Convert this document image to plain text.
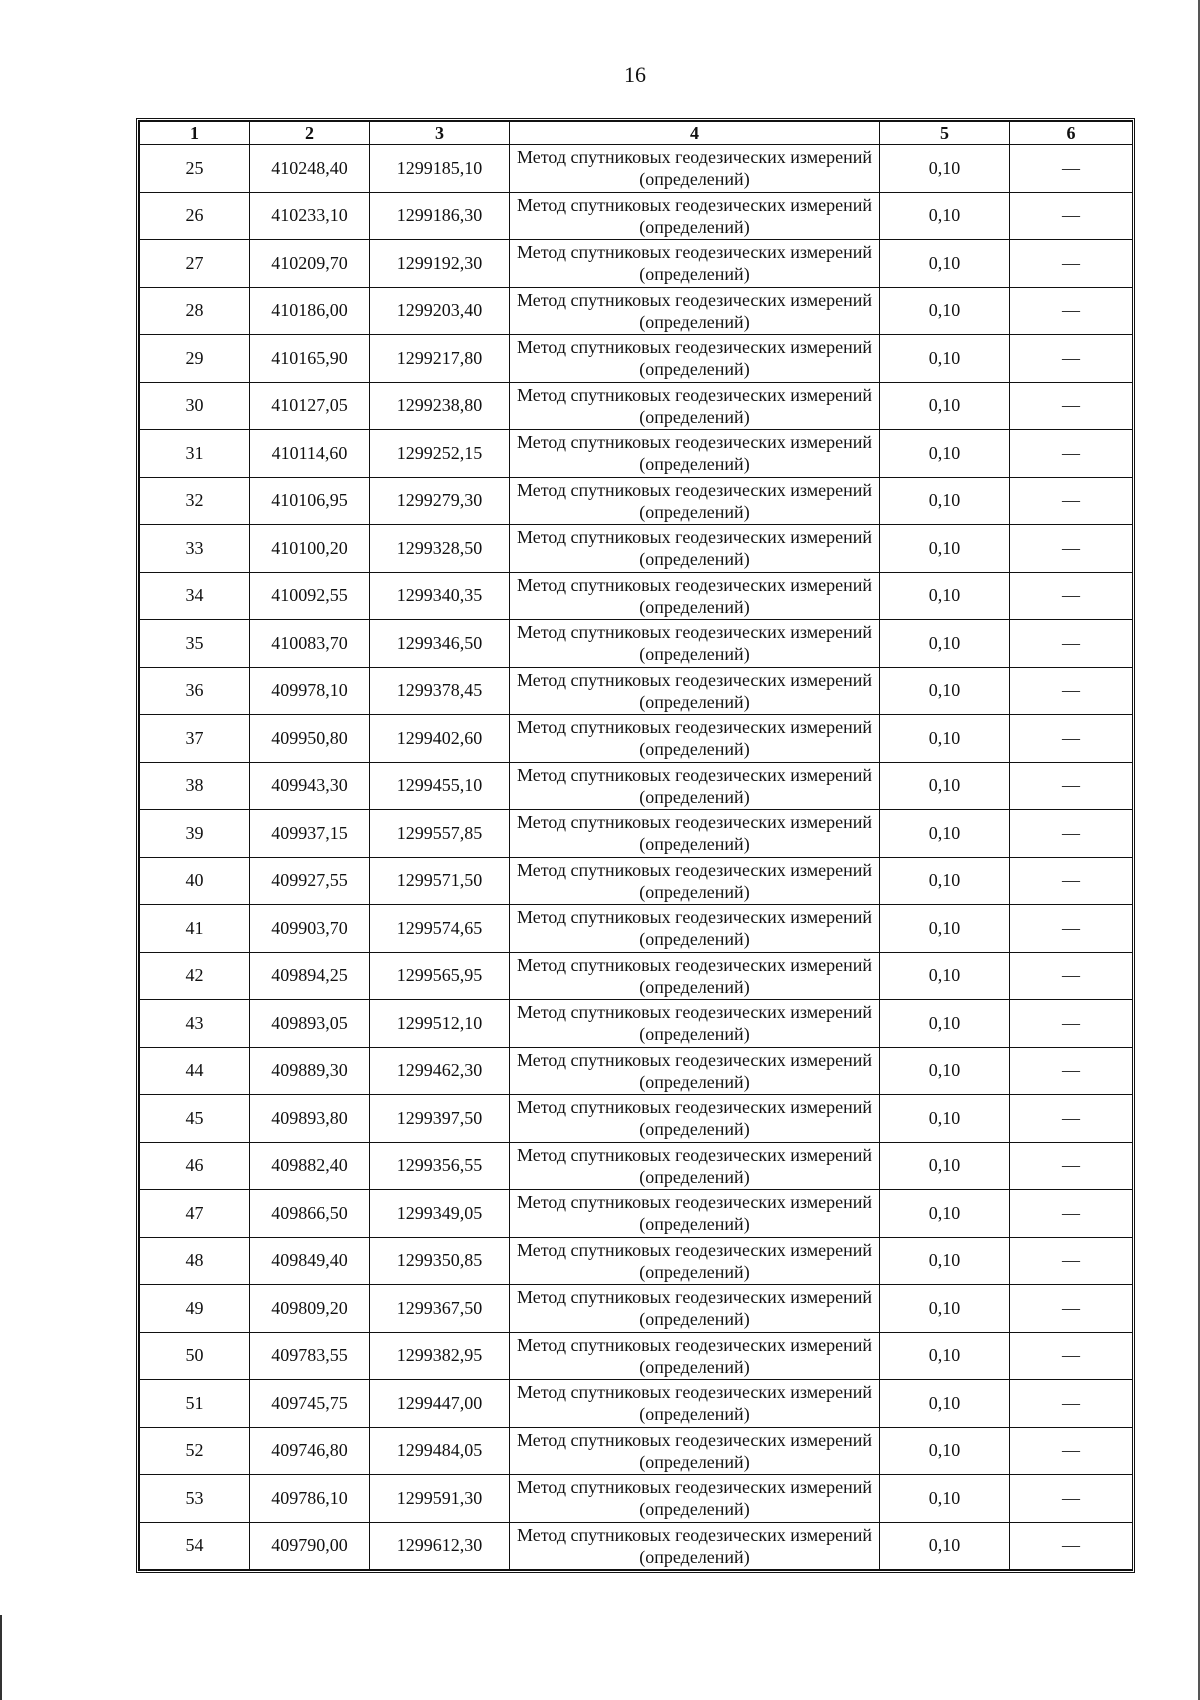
16
1	2	3	4	5	6
25	410248,40	1299185,10	Метод спутниковых геодезических измерений (определений)	0,10	—
26	410233,10	1299186,30	Метод спутниковых геодезических измерений (определений)	0,10	—
27	410209,70	1299192,30	Метод спутниковых геодезических измерений (определений)	0,10	—
28	410186,00	1299203,40	Метод спутниковых геодезических измерений (определений)	0,10	—
29	410165,90	1299217,80	Метод спутниковых геодезических измерений (определений)	0,10	—
30	410127,05	1299238,80	Метод спутниковых геодезических измерений (определений)	0,10	—
31	410114,60	1299252,15	Метод спутниковых геодезических измерений (определений)	0,10	—
32	410106,95	1299279,30	Метод спутниковых геодезических измерений (определений)	0,10	—
33	410100,20	1299328,50	Метод спутниковых геодезических измерений (определений)	0,10	—
34	410092,55	1299340,35	Метод спутниковых геодезических измерений (определений)	0,10	—
35	410083,70	1299346,50	Метод спутниковых геодезических измерений (определений)	0,10	—
36	409978,10	1299378,45	Метод спутниковых геодезических измерений (определений)	0,10	—
37	409950,80	1299402,60	Метод спутниковых геодезических измерений (определений)	0,10	—
38	409943,30	1299455,10	Метод спутниковых геодезических измерений (определений)	0,10	—
39	409937,15	1299557,85	Метод спутниковых геодезических измерений (определений)	0,10	—
40	409927,55	1299571,50	Метод спутниковых геодезических измерений (определений)	0,10	—
41	409903,70	1299574,65	Метод спутниковых геодезических измерений (определений)	0,10	—
42	409894,25	1299565,95	Метод спутниковых геодезических измерений (определений)	0,10	—
43	409893,05	1299512,10	Метод спутниковых геодезических измерений (определений)	0,10	—
44	409889,30	1299462,30	Метод спутниковых геодезических измерений (определений)	0,10	—
45	409893,80	1299397,50	Метод спутниковых геодезических измерений (определений)	0,10	—
46	409882,40	1299356,55	Метод спутниковых геодезических измерений (определений)	0,10	—
47	409866,50	1299349,05	Метод спутниковых геодезических измерений (определений)	0,10	—
48	409849,40	1299350,85	Метод спутниковых геодезических измерений (определений)	0,10	—
49	409809,20	1299367,50	Метод спутниковых геодезических измерений (определений)	0,10	—
50	409783,55	1299382,95	Метод спутниковых геодезических измерений (определений)	0,10	—
51	409745,75	1299447,00	Метод спутниковых геодезических измерений (определений)	0,10	—
52	409746,80	1299484,05	Метод спутниковых геодезических измерений (определений)	0,10	—
53	409786,10	1299591,30	Метод спутниковых геодезических измерений (определений)	0,10	—
54	409790,00	1299612,30	Метод спутниковых геодезических измерений (определений)	0,10	—
